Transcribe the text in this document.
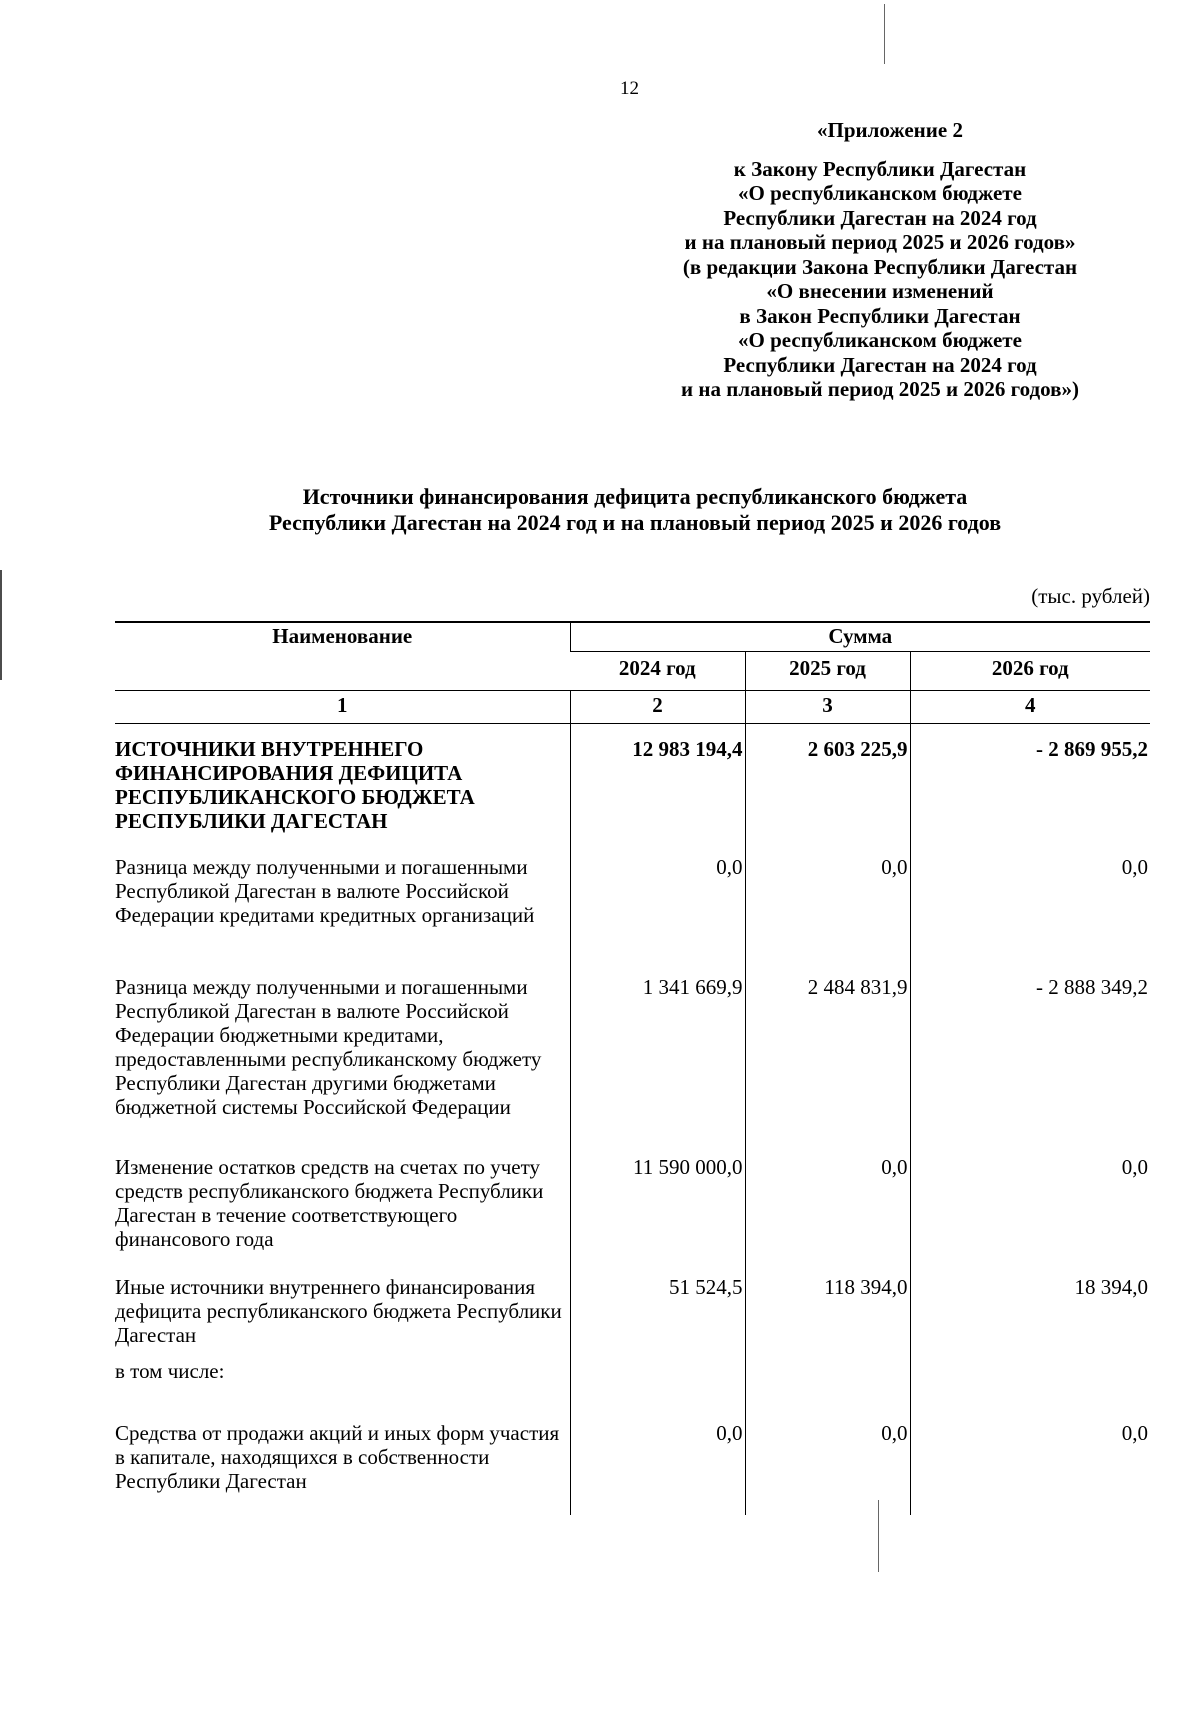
12
«Приложение 2
к Закону Республики Дагестан
«О республиканском бюджете
Республики Дагестан на 2024 год
и на плановый период 2025 и 2026 годов»
(в редакции Закона Республики Дагестан
«О внесении изменений
в Закон Республики Дагестан
«О республиканском бюджете
Республики Дагестан на 2024 год
и на плановый период 2025 и 2026 годов»)
Источники финансирования дефицита республиканского бюджета
Республики Дагестан на 2024 год и на плановый период 2025 и 2026 годов
(тыс. рублей)
Наименование	Сумма		
	2024 год	2025 год	2026 год
1	2	3	4
ИСТОЧНИКИ ВНУТРЕННЕГО ФИНАНСИРОВАНИЯ ДЕФИЦИТА РЕСПУБЛИКАНСКОГО БЮДЖЕТА РЕСПУБЛИКИ ДАГЕСТАН	12 983 194,4	2 603 225,9	- 2 869 955,2
Разница между полученными и погашенными Республикой Дагестан в валюте Российской Федерации кредитами кредитных организаций	0,0	0,0	0,0
Разница между полученными и погашенными Республикой Дагестан в валюте Российской Федерации бюджетными кредитами, предоставленными республиканскому бюджету Республики Дагестан другими бюджетами бюджетной системы Российской Федерации	1 341 669,9	2 484 831,9	- 2 888 349,2
Изменение остатков средств на счетах по учету средств республиканского бюджета Республики Дагестан в течение соответствующего финансового года	11 590 000,0	0,0	0,0
Иные источники внутреннего финансирования дефицита республиканского бюджета Республики Дагестан	51 524,5	118 394,0	18 394,0
в том числе:			
Средства от продажи акций и иных форм участия в капитале, находящихся в собственности Республики Дагестан	0,0	0,0	0,0
